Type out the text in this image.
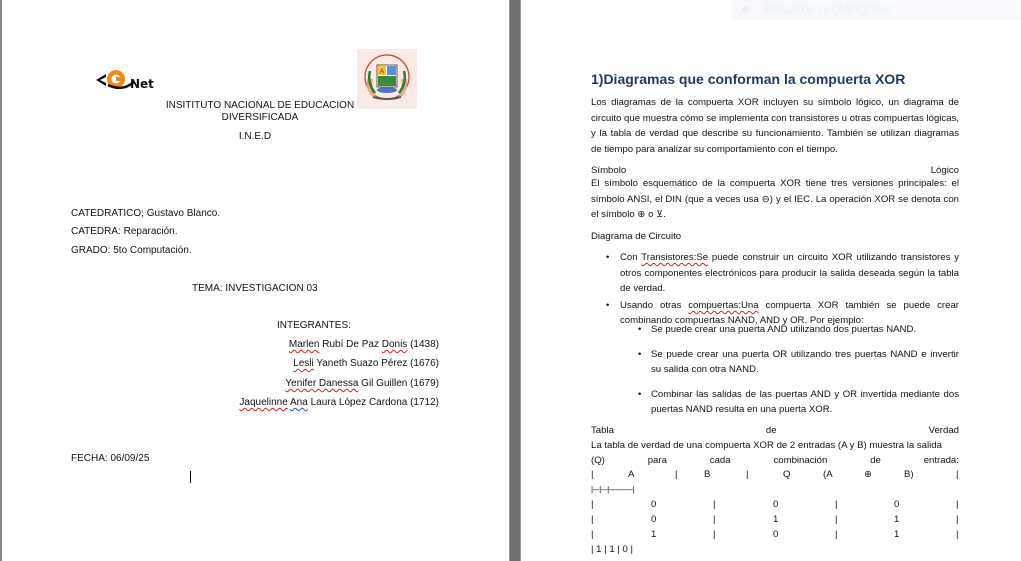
Net
A
INSITITUTO NACIONAL DE EDUCACION
DIVERSIFICADA
I.N.E.D
CATEDRATICO; Gustavo Blanco.
CATEDRA: Reparación.
GRADO: 5to Computación.
TEMA: INVESTIGACION 03
INTEGRANTES:
Marlen Rubí De Paz Donis (1438)
Lesli Yaneth Suazo Pérez (1676)
Yenifer Danessa Gil Guillen (1679)
Jaquelinne Ana Laura López Cardona (1712)
FECHA: 06/09/25
Recorte rectangular
1)Diagramas que conforman la compuerta XOR
Los diagramas de la compuerta XOR incluyen su símbolo lógico, un diagrama de circuito que muestra cómo se implementa con transistores u otras compuertas lógicas, y la tabla de verdad que describe su funcionamiento. También se utilizan diagramas de tiempo para analizar su comportamiento con el tiempo.
Símbolo	Lógico
El símbolo esquemático de la compuerta XOR tiene tres versiones principales: el símbolo ANSI, el DIN (que a veces usa ⊖) y el IEC. La operación XOR se denota con el símbolo ⊕ o ⊻.
Diagrama de Circuito
• Con Transistores:Se puede construir un circuito XOR utilizando transistores y otros componentes electrónicos para producir la salida deseada según la tabla de verdad.
• Usando otras compuertas:Una compuerta XOR también se puede crear combinando compuertas NAND, AND y OR. Por ejemplo:
• Se puede crear una puerta AND utilizando dos puertas NAND.
• Se puede crear una puerta OR utilizando tres puertas NAND e invertir su salida con otra NAND.
• Combinar las salidas de las puertas AND y OR invertida mediante dos puertas NAND resulta en una puerta XOR.
Tabla	de	Verdad
La tabla de verdad de una compuerta XOR de 2 entradas (A y B) muestra la salida
(Q)	para	cada	combinación	de	entrada:
|	A	|	B	|	Q	(A	⊕	B)	|
|---|---|-----------|
|	0	|	0	|	0	|
|	0	|	1	|	1	|
|	1	|	0	|	1	|
| 1 | 1 | 0 |
